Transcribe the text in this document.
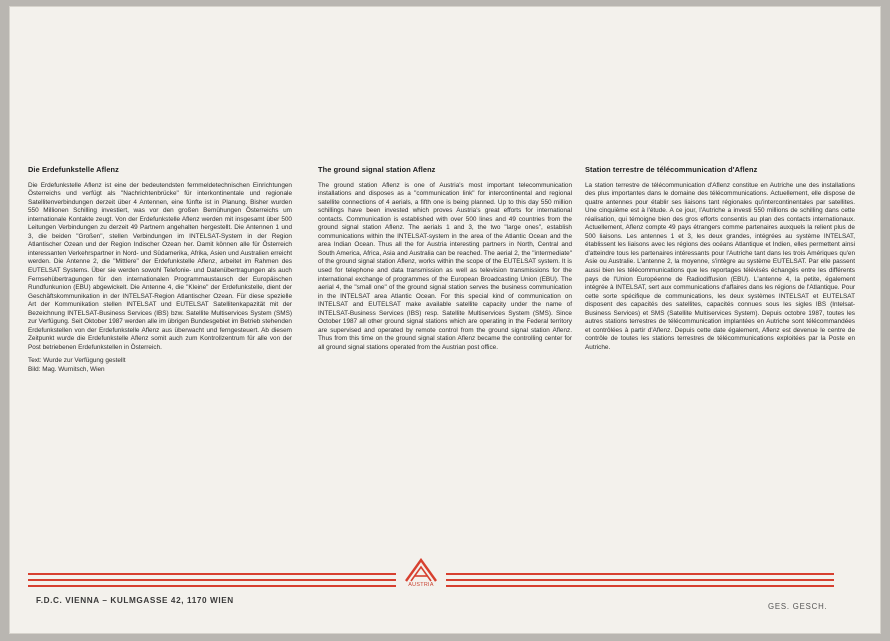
Die Erdefunkstelle Aflenz

Die Erdefunkstelle Aflenz ist eine der bedeutendsten fernmeldetechnischen Einrichtungen Österreichs und verfügt als "Nachrichtenbrücke" für interkontinentale und regionale Satellitenverbindungen derzeit über 4 Antennen, eine fünfte ist in Planung. Bisher wurden 550 Millionen Schilling investiert, was vor den großen Bemühungen Österreichs um internationale Kontakte zeugt. Von der Erdefunkstelle Aflenz werden mit insgesamt über 500 Leitungen Verbindungen zu derzeit 49 Partnern angehalten hergestellt. Die Antennen 1 und 3, die beiden "Großen", stellen Verbindungen im INTELSAT-System in der Region Atlantischer Ozean und der Region Indischer Ozean her. Damit können alle für Österreich interessanten Verkehrspartner in Nord- und Südamerika, Afrika, Asien und Australien erreicht werden. Die Antenne 2, die "Mittlere" der Erdefunkstelle Aflenz, arbeitet im Rahmen des EUTELSAT Systems. Über sie werden sowohl Telefonie- und Datenübertragungen als auch Fernsehübertragungen für den internationalen Programmaustausch der Europäischen Rundfunkunion (EBU) abgewickelt. Die Antenne 4, die "Kleine" der Erdefunkstelle, dient der Geschäftskommunikation in der INTELSAT-Region Atlantischer Ozean. Für diese spezielle Art der Kommunikation stellen INTELSAT und EUTELSAT Satellitenkapazität mit der Bezeichnung INTELSAT-Business Services (IBS) bzw. Satellite Multiservices System (SMS) zur Verfügung. Seit Oktober 1987 werden alle im übrigen Bundesgebiet im Betrieb stehenden Erdefunkstellen von der Erdefunkstelle Aflenz aus überwacht und ferngesteuert. Ab diesem Zeitpunkt wurde die Erdefunkstelle Aflenz somit auch zum Kontrollzentrum für alle von der Post betriebenen Erdefunkstellen in Österreich.

Text: Wurde zur Verfügung gestellt
Bild: Mag. Wurnitsch, Wien
The ground signal station Aflenz

The ground station Aflenz is one of Austria's most important telecommunication installations and disposes as a "communication link" for intercontinental and regional satellite connections of 4 aerials, a fifth one is being planned. Up to this day 550 million schillings have been invested which proves Austria's great efforts for international contacts. Communication is established with over 500 lines and 49 countries from the ground signal station Aflenz. The aerials 1 and 3, the two "large ones", establish communications within the INTELSAT-system in the area of the Atlantic Ocean and the area Indian Ocean. Thus all the for Austria interesting partners in North, Central and South America, Africa, Asia and Australia can be reached. The aerial 2, the "intermediate" of the ground signal station Aflenz, works within the scope of the EUTELSAT system. It is used for telephone and data transmission as well as television transmissions for the international exchange of programmes of the European Broadcasting Union (EBU). The aerial 4, the "small one" of the ground signal station serves the business communication in the INTELSAT area Atlantic Ocean. For this special kind of communication on INTELSAT and EUTELSAT make available satellite capacity under the name of INTELSAT-Business Services (IBS) resp. Satellite Multiservices System (SMS). Since October 1987 all other ground signal stations which are operating in the Federal territory are supervised and operated by remote control from the ground signal station Aflenz. Thus from this time on the ground signal station Aflenz became the controlling center for all ground signal stations operated from the Austrian post office.

Station terrestre de télécommunication d'Aflenz

La station terrestre de télécommunication d'Aflenz constitue en Autriche une des installations des plus importantes dans le domaine des télécommunications. Actuellement, elle dispose de quatre antennes pour établir ses liaisons tant régionales qu'intercontinentales par satellites. Une cinquième est à l'étude. A ce jour, l'Autriche a investi 550 millions de schilling dans cette réalisation, qui témoigne bien des gros efforts consentis au plan des contacts internationaux. Actuellement, Aflenz compte 49 pays étrangers comme partenaires auxquels la relient plus de 500 liaisons. Les antennes 1 et 3, les deux grandes, intégrées au système INTELSAT, établissent les liaisons avec les régions des océans Atlantique et Indien, elles permettent ainsi d'atteindre tous les partenaires intéressants pour l'Autriche tant dans les trois Amériques qu'en Asie ou Australie. L'antenne 2, la moyenne, s'intègre au système EUTELSAT. Par elle passent aussi bien les télécommunications que les reportages télévisés échangés entre les différents pays de l'Union Européenne de Radiodiffusion (EBU). L'antenne 4, la petite, également intégrée à INTELSAT, sert aux communications d'affaires dans les régions de l'Atlantique. Pour cette sorte spécifique de communications, les deux systèmes INTELSAT et EUTELSAT disposent des capacités des satellites, capacités connues sous les sigles IBS (Intelsat-Business Services) et SMS (Satellite Multiservices System). Depuis octobre 1987, toutes les autres stations terrestres de télécommunication implantées en Autriche sont télécommandées et contrôlées à partir d'Aflenz. Depuis cette date également, Aflenz est devenue le centre de contrôle de toutes les stations terrestres de télécommunications exploitées par la Poste en Autriche.

AUSTRIA
F.D.C. VIENNA – KULMGASSE 42, 1170 WIEN
GES. GESCH.
